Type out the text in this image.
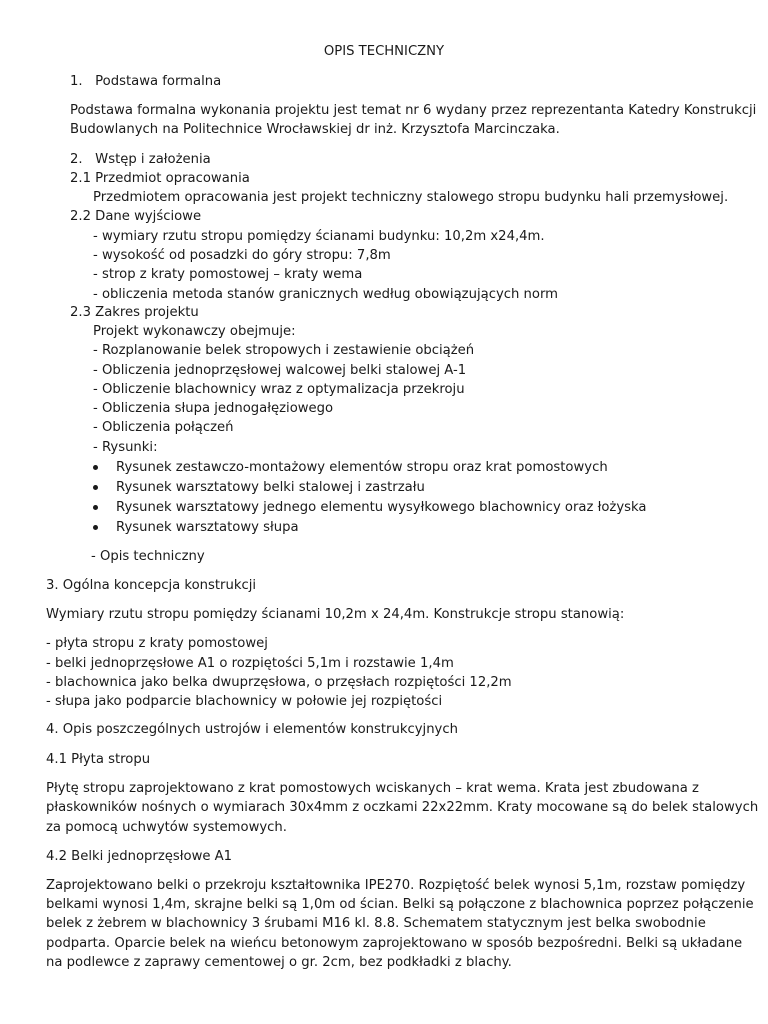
OPIS TECHNICZNY

1.   Podstawa formalna

Podstawa formalna wykonania projektu jest temat nr 6 wydany przez reprezentanta Katedry Konstrukcji

Budowlanych na Politechnice Wrocławskiej dr inż. Krzysztofa Marcinczaka.

2.   Wstęp i założenia

2.1 Przedmiot opracowania

Przedmiotem opracowania jest projekt techniczny stalowego stropu budynku hali przemysłowej.

2.2 Dane wyjściowe

- wymiary rzutu stropu pomiędzy ścianami budynku: 10,2m x24,4m.

- wysokość od posadzki do góry stropu: 7,8m

- strop z kraty pomostowej – kraty wema

- obliczenia metoda stanów granicznych według obowiązujących norm

2.3 Zakres projektu

Projekt wykonawczy obejmuje:

- Rozplanowanie belek stropowych i zestawienie obciążeń

- Obliczenia jednoprzęsłowej walcowej belki stalowej A-1

- Obliczenie blachownicy wraz z optymalizacja przekroju

- Obliczenia słupa jednogałęziowego

- Obliczenia połączeń

- Rysunki:

Rysunek zestawczo-montażowy elementów stropu oraz krat pomostowych

Rysunek warsztatowy belki stalowej i zastrzału

Rysunek warsztatowy jednego elementu wysyłkowego blachownicy oraz łożyska

Rysunek warsztatowy słupa

- Opis techniczny

3. Ogólna koncepcja konstrukcji

Wymiary rzutu stropu pomiędzy ścianami 10,2m x 24,4m. Konstrukcje stropu stanowią:

- płyta stropu z kraty pomostowej

- belki jednoprzęsłowe A1 o rozpiętości 5,1m i rozstawie 1,4m

- blachownica jako belka dwuprzęsłowa, o przęsłach rozpiętości 12,2m

- słupa jako podparcie blachownicy w połowie jej rozpiętości

4. Opis poszczególnych ustrojów i elementów konstrukcyjnych

4.1 Płyta stropu

Płytę stropu zaprojektowano z krat pomostowych wciskanych – krat wema. Krata jest zbudowana z

płaskowników nośnych o wymiarach 30x4mm z oczkami 22x22mm. Kraty mocowane są do belek stalowych

za pomocą uchwytów systemowych.

4.2 Belki jednoprzęsłowe A1

Zaprojektowano belki o przekroju kształtownika IPE270. Rozpiętość belek wynosi 5,1m, rozstaw pomiędzy

belkami wynosi 1,4m, skrajne belki są 1,0m od ścian. Belki są połączone z blachownica poprzez połączenie

belek z żebrem w blachownicy 3 śrubami M16 kl. 8.8. Schematem statycznym jest belka swobodnie

podparta. Oparcie belek na wieńcu betonowym zaprojektowano w sposób bezpośredni. Belki są układane

na podlewce z zaprawy cementowej o gr. 2cm, bez podkładki z blachy.
